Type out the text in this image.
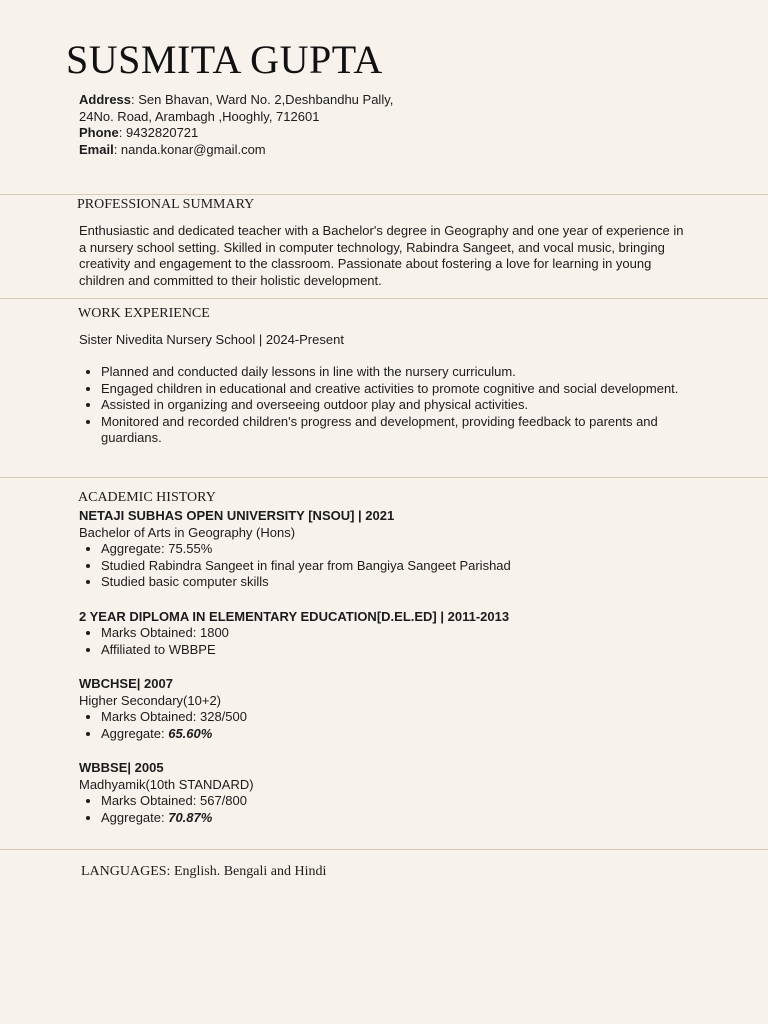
SUSMITA GUPTA
Address: Sen Bhavan, Ward No. 2,Deshbandhu Pally,
24No. Road, Arambagh ,Hooghly, 712601
Phone: 9432820721
Email: nanda.konar@gmail.com
PROFESSIONAL SUMMARY
Enthusiastic and dedicated teacher with a Bachelor's degree in Geography and one year of experience in a nursery school setting. Skilled in computer technology, Rabindra Sangeet, and vocal music, bringing creativity and engagement to the classroom. Passionate about fostering a love for learning in young children and committed to their holistic development.
WORK EXPERIENCE
Sister Nivedita Nursery School | 2024-Present
• Planned and conducted daily lessons in line with the nursery curriculum.
• Engaged children in educational and creative activities to promote cognitive and social development.
• Assisted in organizing and overseeing outdoor play and physical activities.
• Monitored and recorded children's progress and development, providing feedback to parents and guardians.
ACADEMIC HISTORY
NETAJI SUBHAS OPEN UNIVERSITY [NSOU] | 2021
Bachelor of Arts in Geography (Hons)
• Aggregate: 75.55%
• Studied Rabindra Sangeet in final year from Bangiya Sangeet Parishad
• Studied basic computer skills
2 YEAR DIPLOMA IN ELEMENTARY EDUCATION[D.EL.ED] | 2011-2013
• Marks Obtained: 1800
• Affiliated to WBBPE
WBCHSE| 2007
Higher Secondary(10+2)
• Marks Obtained: 328/500
• Aggregate: 65.60%
WBBSE| 2005
Madhyamik(10th STANDARD)
• Marks Obtained: 567/800
• Aggregate: 70.87%
LANGUAGES: English. Bengali and Hindi
